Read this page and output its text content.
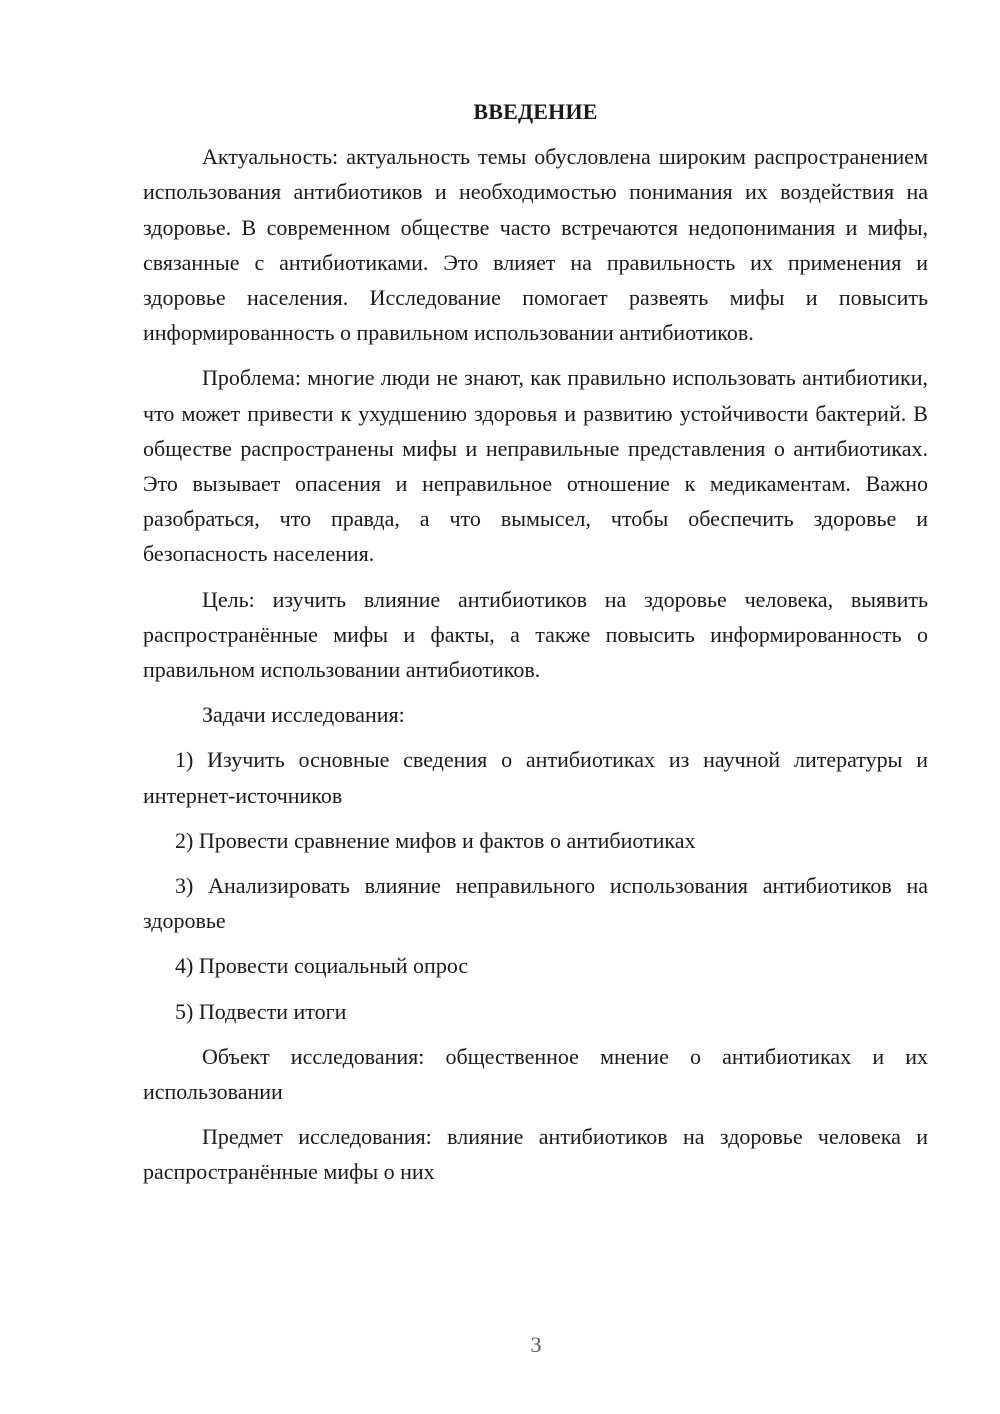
ВВЕДЕНИЕ

Актуальность: актуальность темы обусловлена широким распространением использования антибиотиков и необходимостью понимания их воздействия на здоровье. В современном обществе часто встречаются недопонимания и мифы, связанные с антибиотиками. Это влияет на правильность их применения и здоровье населения. Исследование помогает развеять мифы и повысить информированность о правильном использовании антибиотиков.

Проблема: многие люди не знают, как правильно использовать антибиотики, что может привести к ухудшению здоровья и развитию устойчивости бактерий. В обществе распространены мифы и неправильные представления о антибиотиках. Это вызывает опасения и неправильное отношение к медикаментам. Важно разобраться, что правда, а что вымысел, чтобы обеспечить здоровье и безопасность населения.

Цель: изучить влияние антибиотиков на здоровье человека, выявить распространённые мифы и факты, а также повысить информированность о правильном использовании антибиотиков.

Задачи исследования:

1) Изучить основные сведения о антибиотиках из научной литературы и интернет-источников

2) Провести сравнение мифов и фактов о антибиотиках

3) Анализировать влияние неправильного использования антибиотиков на здоровье

4) Провести социальный опрос

5) Подвести итоги

Объект исследования: общественное мнение о антибиотиках и их использовании

Предмет исследования: влияние антибиотиков на здоровье человека и распространённые мифы о них

3
